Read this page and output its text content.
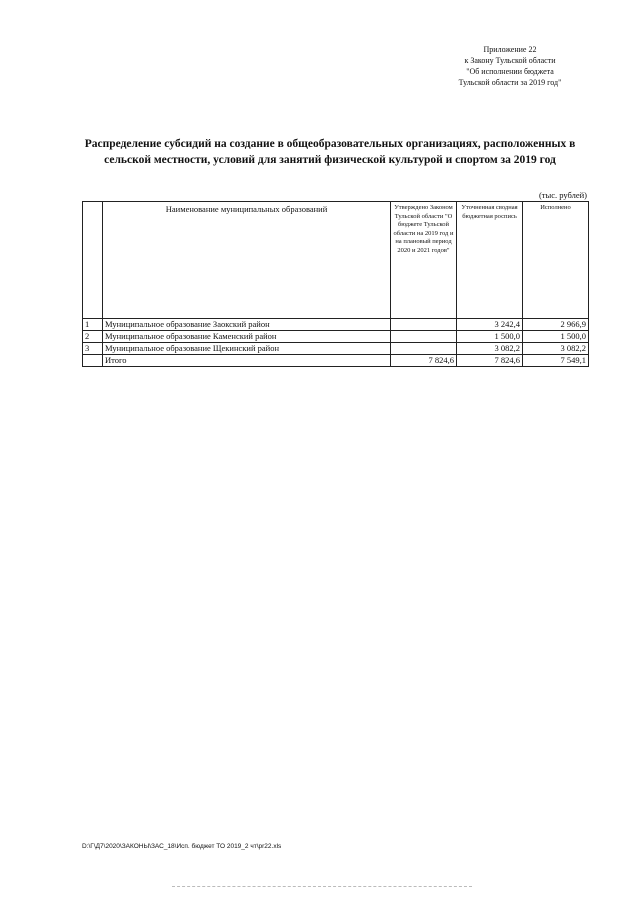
Приложение 22
к Закону Тульской области
"Об исполнении бюджета
Тульской области за 2019 год"
Распределение субсидий на создание в общеобразовательных организациях, расположенных в
сельской местности, условий для занятий физической культурой и спортом за 2019 год
(тыс. рублей)
	Наименование муниципальных образований	Утверждено Законом Тульской области "О бюджете Тульской области на 2019 год и на плановый период 2020 и 2021 годов"	Уточненная сводная бюджетная роспись	Исполнено
1	Муниципальное образование Заокский район		3 242,4	2 966,9
2	Муниципальное образование Каменский район		1 500,0	1 500,0
3	Муниципальное образование Щекинский район		3 082,2	3 082,2
	Итого	7 824,6	7 824,6	7 549,1
D:\Г\Д7\2020\ЗАКОНЫ\ЗАС_18\Исп. бюджет ТО 2019_2 чт\рr22.xls
